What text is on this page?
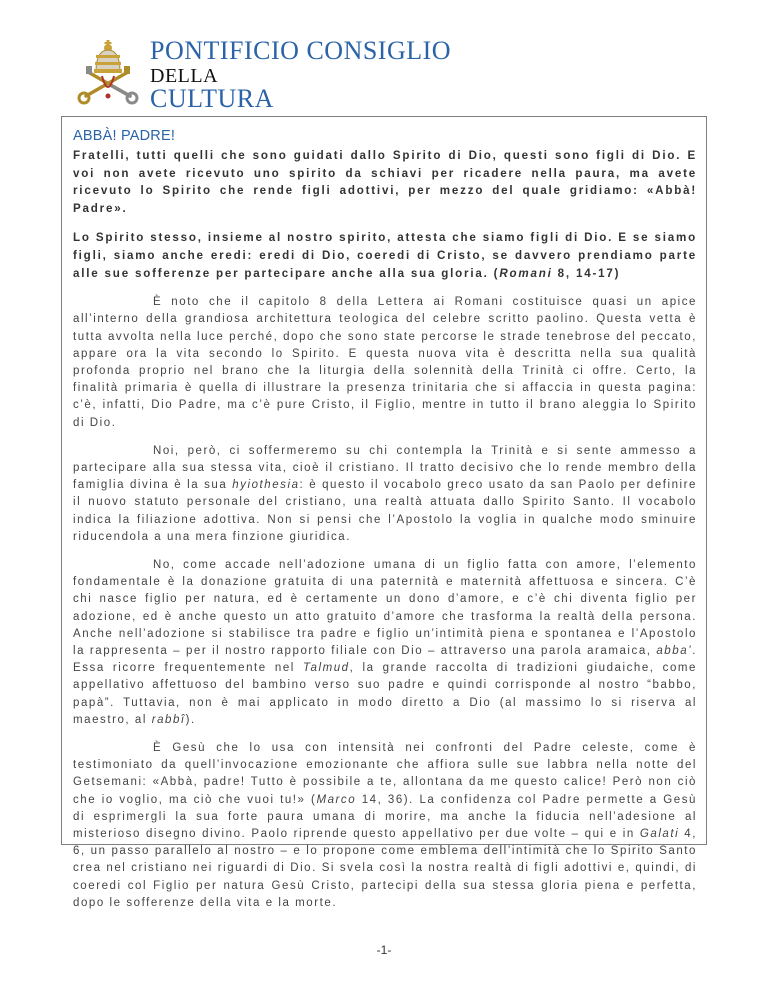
PONTIFICIO CONSIGLIO
DELLA
CULTURA
ABBÀ! PADRE!

Fratelli, tutti quelli che sono guidati dallo Spirito di Dio, questi sono figli di Dio. E voi non avete ricevuto uno spirito da schiavi per ricadere nella paura, ma avete ricevuto lo Spirito che rende figli adottivi, per mezzo del quale gridiamo: «Abbà! Padre».

Lo Spirito stesso, insieme al nostro spirito, attesta che siamo figli di Dio. E se siamo figli, siamo anche eredi: eredi di Dio, coeredi di Cristo, se davvero prendiamo parte alle sue sofferenze per partecipare anche alla sua gloria. (Romani 8, 14-17)

È noto che il capitolo 8 della Lettera ai Romani costituisce quasi un apice all’interno della grandiosa architettura teologica del celebre scritto paolino. Questa vetta è tutta avvolta nella luce perché, dopo che sono state percorse le strade tenebrose del peccato, appare ora la vita secondo lo Spirito. E questa nuova vita è descritta nella sua qualità profonda proprio nel brano che la liturgia della solennità della Trinità ci offre. Certo, la finalità primaria è quella di illustrare la presenza trinitaria che si affaccia in questa pagina: c’è, infatti, Dio Padre, ma c’è pure Cristo, il Figlio, mentre in tutto il brano aleggia lo Spirito di Dio.

Noi, però, ci soffermeremo su chi contempla la Trinità e si sente ammesso a partecipare alla sua stessa vita, cioè il cristiano. Il tratto decisivo che lo rende membro della famiglia divina è la sua hyiothesia: è questo il vocabolo greco usato da san Paolo per definire il nuovo statuto personale del cristiano, una realtà attuata dallo Spirito Santo. Il vocabolo indica la filiazione adottiva. Non si pensi che l’Apostolo la voglia in qualche modo sminuire riducendola a una mera finzione giuridica.

No, come accade nell’adozione umana di un figlio fatta con amore, l’elemento fondamentale è la donazione gratuita di una paternità e maternità affettuosa e sincera. C’è chi nasce figlio per natura, ed è certamente un dono d’amore, e c’è chi diventa figlio per adozione, ed è anche questo un atto gratuito d’amore che trasforma la realtà della persona. Anche nell’adozione si stabilisce tra padre e figlio un’intimità piena e spontanea e l’Apostolo la rappresenta – per il nostro rapporto filiale con Dio – attraverso una parola aramaica, abba’. Essa ricorre frequentemente nel Talmud, la grande raccolta di tradizioni giudaiche, come appellativo affettuoso del bambino verso suo padre e quindi corrisponde al nostro “babbo, papà”. Tuttavia, non è mai applicato in modo diretto a Dio (al massimo lo si riserva al maestro, al rabbî).

È Gesù che lo usa con intensità nei confronti del Padre celeste, come è testimoniato da quell’invocazione emozionante che affiora sulle sue labbra nella notte del Getsemani: «Abbà, padre! Tutto è possibile a te, allontana da me questo calice! Però non ciò che io voglio, ma ciò che vuoi tu!» (Marco 14, 36). La confidenza col Padre permette a Gesù di esprimergli la sua forte paura umana di morire, ma anche la fiducia nell’adesione al misterioso disegno divino. Paolo riprende questo appellativo per due volte – qui e in Galati 4, 6, un passo parallelo al nostro – e lo propone come emblema dell’intimità che lo Spirito Santo crea nel cristiano nei riguardi di Dio. Si svela così la nostra realtà di figli adottivi e, quindi, di coeredi col Figlio per natura Gesù Cristo, partecipi della sua stessa gloria piena e perfetta, dopo le sofferenze della vita e la morte.

-1-
